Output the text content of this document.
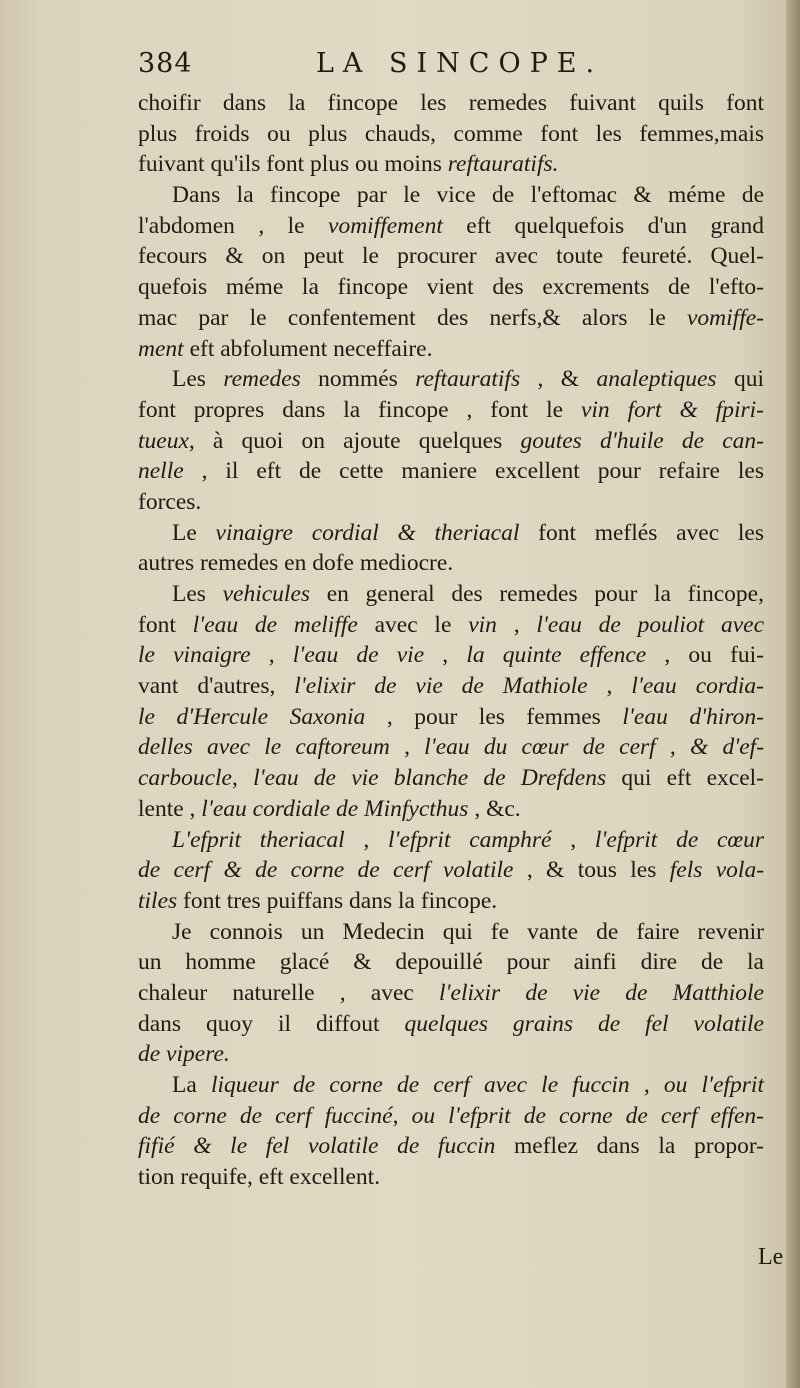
384	LA SINCOPE.
choifir dans la fincope les remedes fuivant quils font
plus froids ou plus chauds, comme font les femmes,mais
fuivant qu'ils font plus ou moins reftauratifs.
Dans la fincope par le vice de l'eftomac & méme de
l'abdomen , le vomiffement eft quelquefois d'un grand
fecours & on peut le procurer avec toute feureté. Quel-
quefois méme la fincope vient des excrements de l'efto-
mac par le confentement des nerfs,& alors le vomiffe-
ment eft abfolument neceffaire.
Les remedes nommés reftauratifs , & analeptiques qui
font propres dans la fincope , font le vin fort & fpiri-
tueux, à quoi on ajoute quelques goutes d'huile de can-
nelle , il eft de cette maniere excellent pour refaire les
forces.
Le vinaigre cordial & theriacal font meflés avec les
autres remedes en dofe mediocre.
Les vehicules en general des remedes pour la fincope,
font l'eau de meliffe avec le vin , l'eau de pouliot avec
le vinaigre , l'eau de vie , la quinte effence , ou fui-
vant d'autres, l'elixir de vie de Mathiole , l'eau cordia-
le d'Hercule Saxonia , pour les femmes l'eau d'hiron-
delles avec le caftoreum , l'eau du cœur de cerf , & d'ef-
carboucle, l'eau de vie blanche de Drefdens qui eft excel-
lente , l'eau cordiale de Minfycthus , &c.
L'efprit theriacal , l'efprit camphré , l'efprit de cœur
de cerf & de corne de cerf volatile , & tous les fels vola-
tiles font tres puiffans dans la fincope.
Je connois un Medecin qui fe vante de faire revenir
un homme glacé & depouillé pour ainfi dire de la
chaleur naturelle , avec l'elixir de vie de Matthiole
dans quoy il diffout quelques grains de fel volatile
de vipere.
La liqueur de corne de cerf avec le fuccin , ou l'efprit
de corne de cerf fucciné, ou l'efprit de corne de cerf effen-
fifié & le fel volatile de fuccin meflez dans la propor-
tion requife, eft excellent.
Le
